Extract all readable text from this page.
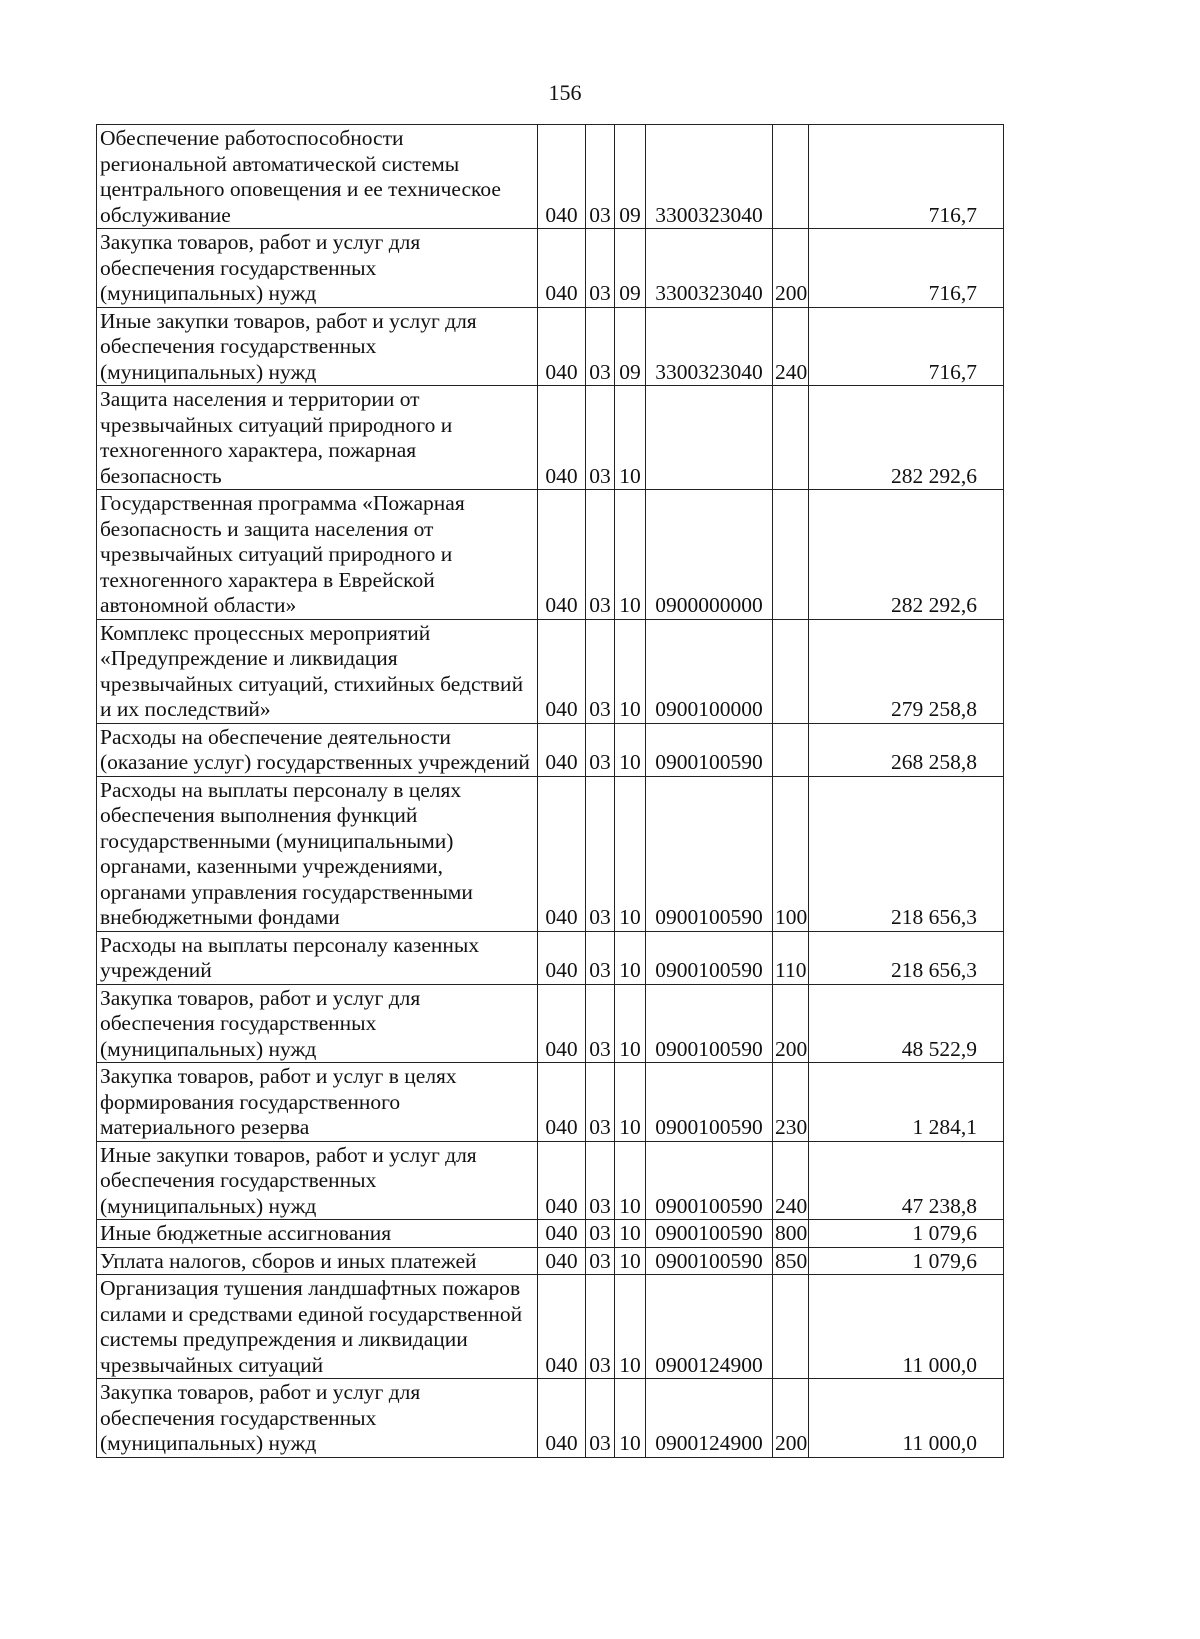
156
Обеспечение работоспособности региональной автоматической системы центрального оповещения и ее техническое обслуживание	040	03	09	3300323040		716,7
Закупка товаров, работ и услуг для обеспечения государственных (муниципальных) нужд	040	03	09	3300323040	200	716,7
Иные закупки товаров, работ и услуг для обеспечения государственных (муниципальных) нужд	040	03	09	3300323040	240	716,7
Защита населения и территории от чрезвычайных ситуаций природного и техногенного характера, пожарная безопасность	040	03	10			282 292,6
Государственная программа «Пожарная безопасность и защита населения от чрезвычайных ситуаций природного и техногенного характера в Еврейской автономной области»	040	03	10	0900000000		282 292,6
Комплекс процессных мероприятий «Предупреждение и ликвидация чрезвычайных ситуаций, стихийных бедствий и их последствий»	040	03	10	0900100000		279 258,8
Расходы на обеспечение деятельности (оказание услуг) государственных учреждений	040	03	10	0900100590		268 258,8
Расходы на выплаты персоналу в целях обеспечения выполнения функций государственными (муниципальными) органами, казенными учреждениями, органами управления государственными внебюджетными фондами	040	03	10	0900100590	100	218 656,3
Расходы на выплаты персоналу казенных учреждений	040	03	10	0900100590	110	218 656,3
Закупка товаров, работ и услуг для обеспечения государственных (муниципальных) нужд	040	03	10	0900100590	200	48 522,9
Закупка товаров, работ и услуг в целях формирования государственного материального резерва	040	03	10	0900100590	230	1 284,1
Иные закупки товаров, работ и услуг для обеспечения государственных (муниципальных) нужд	040	03	10	0900100590	240	47 238,8
Иные бюджетные ассигнования	040	03	10	0900100590	800	1 079,6
Уплата налогов, сборов и иных платежей	040	03	10	0900100590	850	1 079,6
Организация тушения ландшафтных пожаров силами и средствами единой государственной системы предупреждения и ликвидации чрезвычайных ситуаций	040	03	10	0900124900		11 000,0
Закупка товаров, работ и услуг для обеспечения государственных (муниципальных) нужд	040	03	10	0900124900	200	11 000,0
